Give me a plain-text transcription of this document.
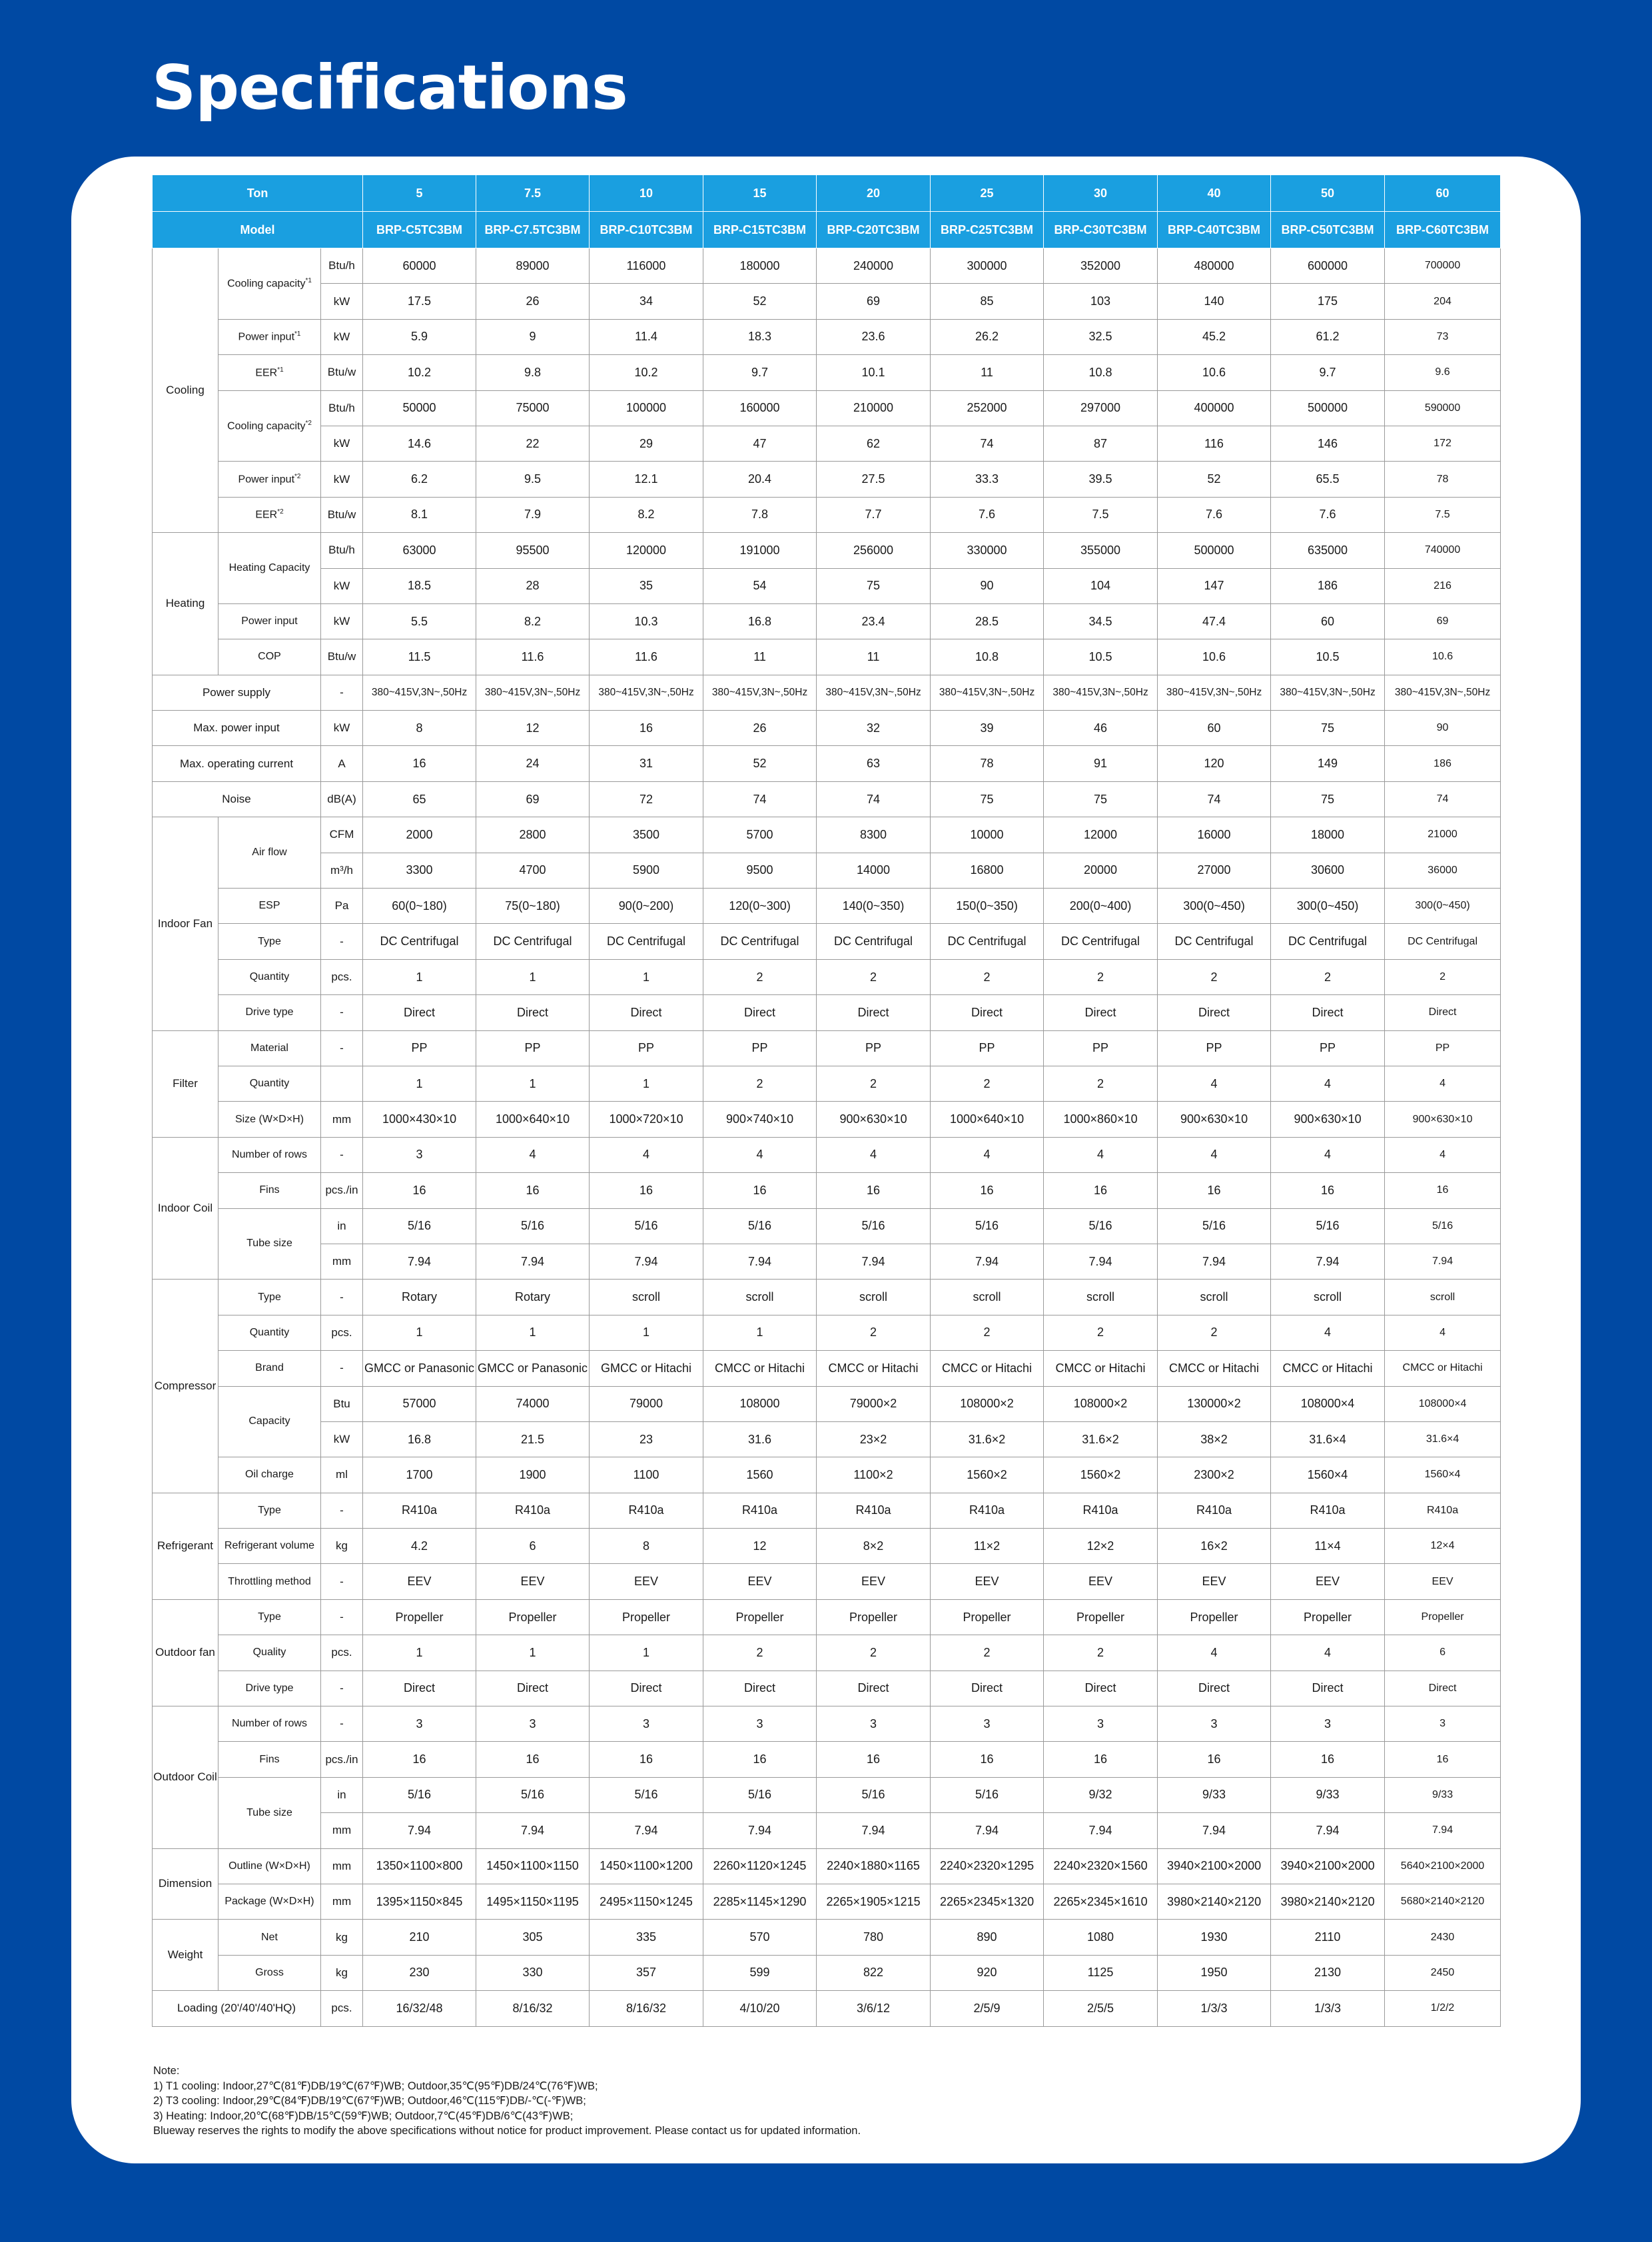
Specifications
Ton			5	7.5	10	15	20	25	30	40	50	60
Model			BRP-C5TC3BM	BRP-C7.5TC3BM	BRP-C10TC3BM	BRP-C15TC3BM	BRP-C20TC3BM	BRP-C25TC3BM	BRP-C30TC3BM	BRP-C40TC3BM	BRP-C50TC3BM	BRP-C60TC3BM
Cooling	Cooling capacity$^{*1}$	Btu/h	60000	89000	116000	180000	240000	300000	352000	480000	600000	700000
		kW	17.5	26	34	52	69	85	103	140	175	204
	Power input$^{*1}$	kW	5.9	9	11.4	18.3	23.6	26.2	32.5	45.2	61.2	73
	EER$^{*1}$	Btu/w	10.2	9.8	10.2	9.7	10.1	11	10.8	10.6	9.7	9.6
	Cooling capacity$^{*2}$	Btu/h	50000	75000	100000	160000	210000	252000	297000	400000	500000	590000
		kW	14.6	22	29	47	62	74	87	116	146	172
	Power input$^{*2}$	kW	6.2	9.5	12.1	20.4	27.5	33.3	39.5	52	65.5	78
	EER$^{*2}$	Btu/w	8.1	7.9	8.2	7.8	7.7	7.6	7.5	7.6	7.6	7.5
Heating	Heating Capacity	Btu/h	63000	95500	120000	191000	256000	330000	355000	500000	635000	740000
		kW	18.5	28	35	54	75	90	104	147	186	216
	Power input	kW	5.5	8.2	10.3	16.8	23.4	28.5	34.5	47.4	60	69
	COP	Btu/w	11.5	11.6	11.6	11	11	10.8	10.5	10.6	10.5	10.6
Power supply		-	380~415V,3N~,50Hz	380~415V,3N~,50Hz	380~415V,3N~,50Hz	380~415V,3N~,50Hz	380~415V,3N~,50Hz	380~415V,3N~,50Hz	380~415V,3N~,50Hz	380~415V,3N~,50Hz	380~415V,3N~,50Hz	380~415V,3N~,50Hz
Max. power input		kW	8	12	16	26	32	39	46	60	75	90
Max. operating current		A	16	24	31	52	63	78	91	120	149	186
Noise		dB(A)	65	69	72	74	74	75	75	74	75	74
Indoor Fan	Air flow	CFM	2000	2800	3500	5700	8300	10000	12000	16000	18000	21000
		m³/h	3300	4700	5900	9500	14000	16800	20000	27000	30600	36000
	ESP	Pa	60(0~180)	75(0~180)	90(0~200)	120(0~300)	140(0~350)	150(0~350)	200(0~400)	300(0~450)	300(0~450)	300(0~450)
	Type	-	DC Centrifugal	DC Centrifugal	DC Centrifugal	DC Centrifugal	DC Centrifugal	DC Centrifugal	DC Centrifugal	DC Centrifugal	DC Centrifugal	DC Centrifugal
	Quantity	pcs.	1	1	1	2	2	2	2	2	2	2
	Drive type	-	Direct	Direct	Direct	Direct	Direct	Direct	Direct	Direct	Direct	Direct
Filter	Material	-	PP	PP	PP	PP	PP	PP	PP	PP	PP	PP
	Quantity		1	1	1	2	2	2	2	4	4	4
	Size (W×D×H)	mm	1000×430×10	1000×640×10	1000×720×10	900×740×10	900×630×10	1000×640×10	1000×860×10	900×630×10	900×630×10	900×630×10
Indoor Coil	Number of rows	-	3	4	4	4	4	4	4	4	4	4
	Fins	pcs./in	16	16	16	16	16	16	16	16	16	16
	Tube size	in	5/16	5/16	5/16	5/16	5/16	5/16	5/16	5/16	5/16	5/16
		mm	7.94	7.94	7.94	7.94	7.94	7.94	7.94	7.94	7.94	7.94
Compressor	Type	-	Rotary	Rotary	scroll	scroll	scroll	scroll	scroll	scroll	scroll	scroll
	Quantity	pcs.	1	1	1	1	2	2	2	2	4	4
	Brand	-	GMCC or Panasonic	GMCC or Panasonic	GMCC or Hitachi	CMCC or Hitachi	CMCC or Hitachi	CMCC or Hitachi	CMCC or Hitachi	CMCC or Hitachi	CMCC or Hitachi	CMCC or Hitachi
	Capacity	Btu	57000	74000	79000	108000	79000×2	108000×2	108000×2	130000×2	108000×4	108000×4
		kW	16.8	21.5	23	31.6	23×2	31.6×2	31.6×2	38×2	31.6×4	31.6×4
	Oil charge	ml	1700	1900	1100	1560	1100×2	1560×2	1560×2	2300×2	1560×4	1560×4
Refrigerant	Type	-	R410a	R410a	R410a	R410a	R410a	R410a	R410a	R410a	R410a	R410a
	Refrigerant volume	kg	4.2	6	8	12	8×2	11×2	12×2	16×2	11×4	12×4
	Throttling method	-	EEV	EEV	EEV	EEV	EEV	EEV	EEV	EEV	EEV	EEV
Outdoor fan	Type	-	Propeller	Propeller	Propeller	Propeller	Propeller	Propeller	Propeller	Propeller	Propeller	Propeller
	Quality	pcs.	1	1	1	2	2	2	2	4	4	6
	Drive type	-	Direct	Direct	Direct	Direct	Direct	Direct	Direct	Direct	Direct	Direct
Outdoor Coil	Number of rows	-	3	3	3	3	3	3	3	3	3	3
	Fins	pcs./in	16	16	16	16	16	16	16	16	16	16
	Tube size	in	5/16	5/16	5/16	5/16	5/16	5/16	9/32	9/33	9/33	9/33
		mm	7.94	7.94	7.94	7.94	7.94	7.94	7.94	7.94	7.94	7.94
Dimension	Outline (W×D×H)	mm	1350×1100×800	1450×1100×1150	1450×1100×1200	2260×1120×1245	2240×1880×1165	2240×2320×1295	2240×2320×1560	3940×2100×2000	3940×2100×2000	5640×2100×2000
	Package (W×D×H)	mm	1395×1150×845	1495×1150×1195	2495×1150×1245	2285×1145×1290	2265×1905×1215	2265×2345×1320	2265×2345×1610	3980×2140×2120	3980×2140×2120	5680×2140×2120
Weight	Net	kg	210	305	335	570	780	890	1080	1930	2110	2430
	Gross	kg	230	330	357	599	822	920	1125	1950	2130	2450
Loading (20'/40'/40'HQ)		pcs.	16/32/48	8/16/32	8/16/32	4/10/20	3/6/12	2/5/9	2/5/5	1/3/3	1/3/3	1/2/2
Note:
1) T1 cooling: Indoor,27℃(81℉)DB/19℃(67℉)WB; Outdoor,35℃(95℉)DB/24℃(76℉)WB;
2) T3 cooling: Indoor,29℃(84℉)DB/19℃(67℉)WB; Outdoor,46℃(115℉)DB/-℃(-℉)WB;
3) Heating: Indoor,20℃(68℉)DB/15℃(59℉)WB; Outdoor,7℃(45℉)DB/6℃(43℉)WB;
Blueway reserves the rights to modify the above specifications without notice for product improvement. Please contact us for updated information.
